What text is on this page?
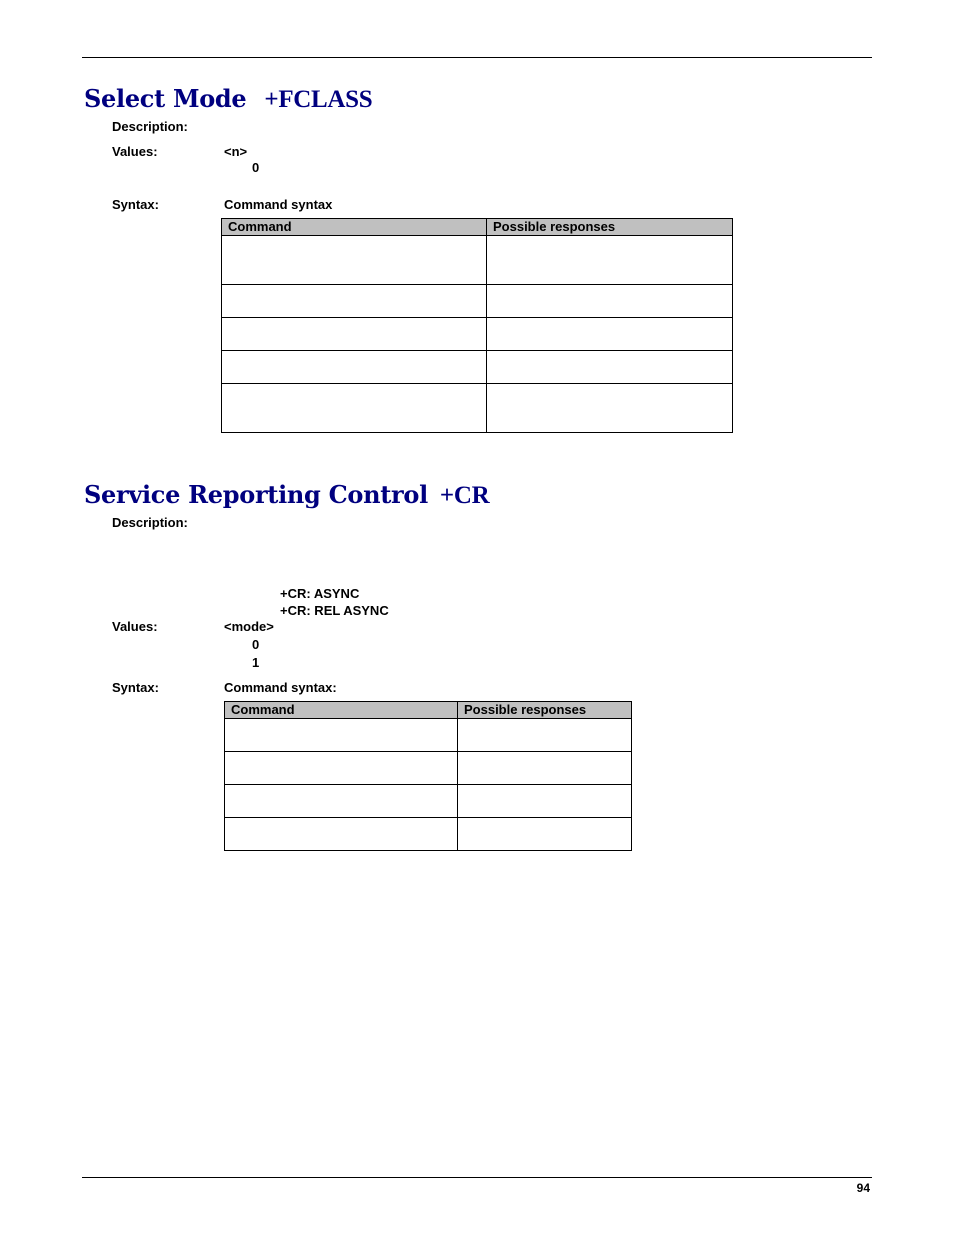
Select Mode +FCLASS

Description:

Values:	<n>

0

Syntax:	Command syntax

Command	Possible responses

Service Reporting Control +CR

Description:

+CR: ASYNC

+CR: REL ASYNC

Values:	<mode>

0

1

Syntax:	Command syntax:

Command	Possible responses

94
